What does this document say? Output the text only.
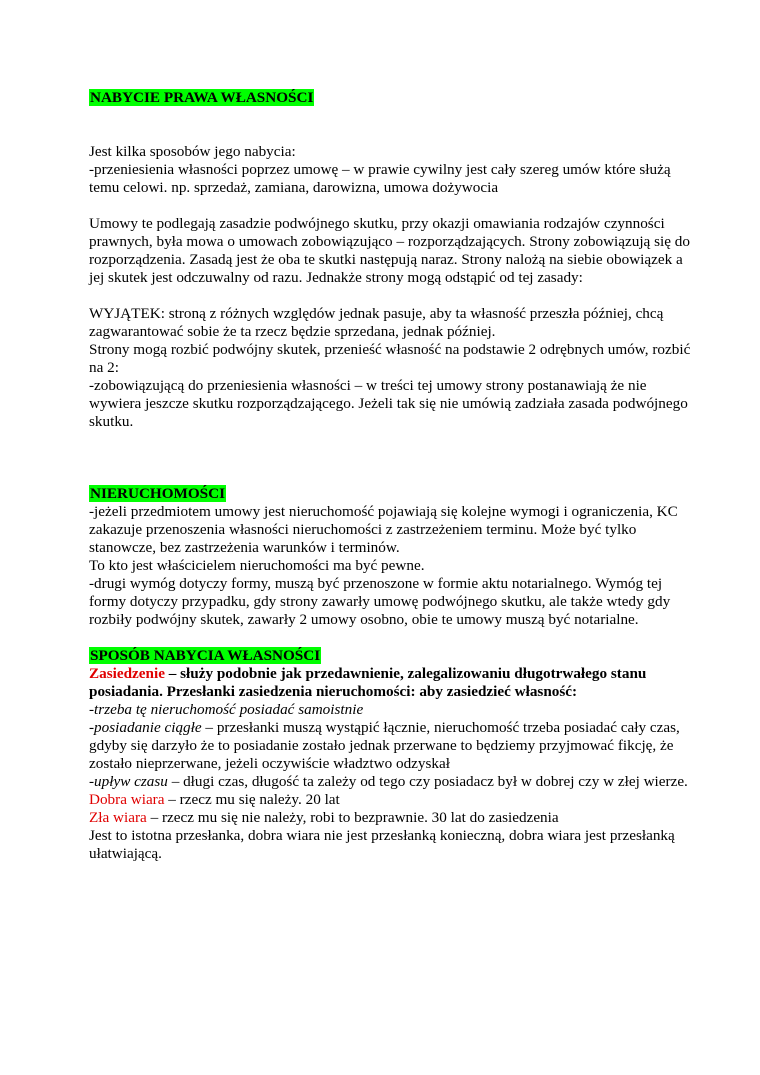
NABYCIE PRAWA WŁASNOŚCI

Jest kilka sposobów jego nabycia:

-przeniesienia własności poprzez umowę – w prawie cywilny jest cały szereg umów które służą temu celowi. np. sprzedaż, zamiana, darowizna, umowa dożywocia

Umowy te podlegają zasadzie podwójnego skutku, przy okazji omawiania rodzajów czynności prawnych, była mowa o umowach zobowiązująco – rozporządzających. Strony zobowiązują się do rozporządzenia. Zasadą jest że oba te skutki następują naraz. Strony nalożą na siebie obowiązek a jej skutek jest odczuwalny od razu. Jednakże strony mogą odstąpić od tej zasady:

WYJĄTEK: stroną z różnych względów jednak pasuje, aby ta własność przeszła później, chcą zagwarantować sobie że ta rzecz będzie sprzedana, jednak później.

Strony mogą rozbić podwójny skutek, przenieść własność na podstawie 2 odrębnych umów, rozbić na 2:

-zobowiązującą do przeniesienia własności – w treści tej umowy strony postanawiają że nie wywiera jeszcze skutku rozporządzającego. Jeżeli tak się nie umówią zadziała zasada podwójnego skutku.

NIERUCHOMOŚCI

-jeżeli przedmiotem umowy jest nieruchomość pojawiają się kolejne wymogi i ograniczenia, KC zakazuje przenoszenia własności nieruchomości z zastrzeżeniem terminu. Może być tylko stanowcze, bez zastrzeżenia warunków i terminów.

To kto jest właścicielem nieruchomości ma być pewne.

-drugi wymóg dotyczy formy, muszą być przenoszone w formie aktu notarialnego. Wymóg tej formy dotyczy przypadku, gdy strony zawarły umowę podwójnego skutku, ale także wtedy gdy rozbiły podwójny skutek, zawarły 2 umowy osobno, obie te umowy muszą być notarialne.

SPOSÓB NABYCIA WŁASNOŚCI

Zasiedzenie – służy podobnie jak przedawnienie, zalegalizowaniu długotrwałego stanu posiadania. Przesłanki zasiedzenia nieruchomości: aby zasiedzieć własność:

-trzeba tę nieruchomość posiadać samoistnie

-posiadanie ciągłe – przesłanki muszą wystąpić łącznie, nieruchomość trzeba posiadać cały czas, gdyby się darzyło że to posiadanie zostało jednak przerwane to będziemy przyjmować fikcję, że zostało nieprzerwane, jeżeli oczywiście władztwo odzyskał

-upływ czasu – długi czas, długość ta zależy od tego czy posiadacz był w dobrej czy w złej wierze.

Dobra wiara – rzecz mu się należy. 20 lat

Zła wiara – rzecz mu się nie należy, robi to bezprawnie. 30 lat do zasiedzenia

Jest to istotna przesłanka, dobra wiara nie jest przesłanką konieczną, dobra wiara jest przesłanką ułatwiającą.
